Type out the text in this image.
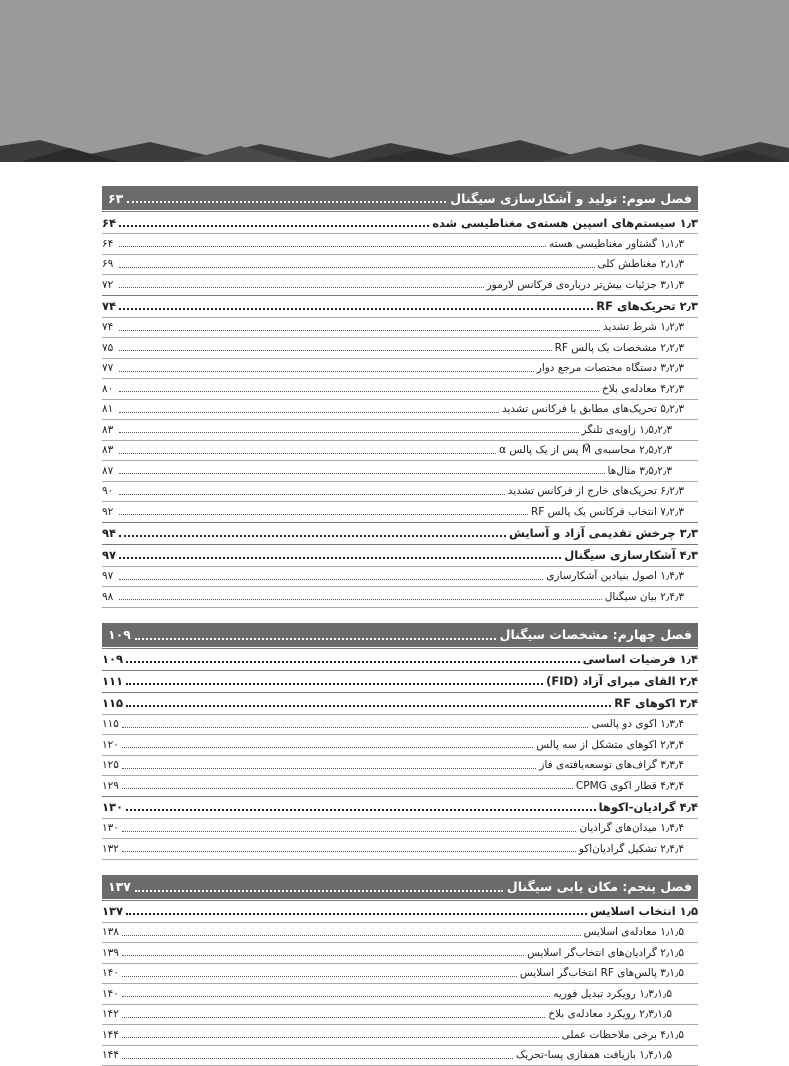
فصل سوم: تولید و آشکارسازی سیگنال
۶۳
۱٫۳

سیستم‌های اسپین هسته‌ی مغناطیسی شده
۶۴
۱٫۱٫۳

گشتاور مغناطیسی هسته
۶۴
۲٫۱٫۳

مغناطش کلی
۶۹
۳٫۱٫۳

جزئیات بیش‌تر درباره‌ی فرکانس لارمور
۷۲
۲٫۳

تحریک‌های RF
۷۴
۱٫۲٫۳

شرط تشدید
۷۴
۲٫۲٫۳

مشخصات یک پالس RF
۷۵
۳٫۲٫۳

دستگاه مختصات مرجع دوار
۷۷
۴٫۲٫۳

معادله‌ی بلاخ
۸۰
۵٫۲٫۳

تحریک‌های مطابق با فرکانس تشدید
۸۱
۱٫۵٫۲٫۳

زاویه‌ی تلنگر
۸۳
۲٫۵٫۲٫۳

محاسبه‌ی M⃗ پس از یک پالس α
۸۳
۳٫۵٫۲٫۳

مثال‌ها
۸۷
۶٫۲٫۳

تحریک‌های خارج از فرکانس تشدید
۹۰
۷٫۲٫۳

انتخاب فرکانس یک پالس RF
۹۲
۳٫۳

چرخش تقدیمی آزاد و آسایش
۹۴
۴٫۳

آشکارسازی سیگنال
۹۷
۱٫۴٫۳

اصول بنیادین آشکارسازی
۹۷
۲٫۴٫۳

بیان سیگنال
۹۸
فصل چهارم: مشخصات سیگنال
۱۰۹
۱٫۴

فرضیات اساسی
۱۰۹
۲٫۴

القای میرای آزاد (FID)
۱۱۱
۳٫۴

اکوهای RF
۱۱۵
۱٫۳٫۴

اکوی دو پالسی
۱۱۵
۲٫۳٫۴

اکوهای متشکل از سه پالس
۱۲۰
۳٫۳٫۴

گراف‌های توسعه‌یافته‌ی فاز
۱۲۵
۴٫۳٫۴

قطار اکوی CPMG
۱۲۹
۴٫۴

گرادیان-اکوها
۱۳۰
۱٫۴٫۴

میدان‌های گرادیان
۱۳۰
۲٫۴٫۴

تشکیل گرادیان‌اکو
۱۳۲
فصل پنجم: مکان یابی سیگنال
۱۳۷
۱٫۵

انتخاب اسلایس
۱۳۷
۱٫۱٫۵

معادله‌ی اسلایس
۱۳۸
۲٫۱٫۵

گرادیان‌های انتخاب‌گر اسلایس
۱۳۹
۳٫۱٫۵

پالس‌های RF انتخاب‌گر اسلایس
۱۴۰
۱٫۳٫۱٫۵

رویکرد تبدیل فوریه
۱۴۰
۲٫۳٫۱٫۵

رویکرد معادله‌ی بلاخ
۱۴۲
۴٫۱٫۵

برخی ملاحظات عملی
۱۴۴
۱٫۴٫۱٫۵

بازیافت همفازی پسا-تحریک
۱۴۴
